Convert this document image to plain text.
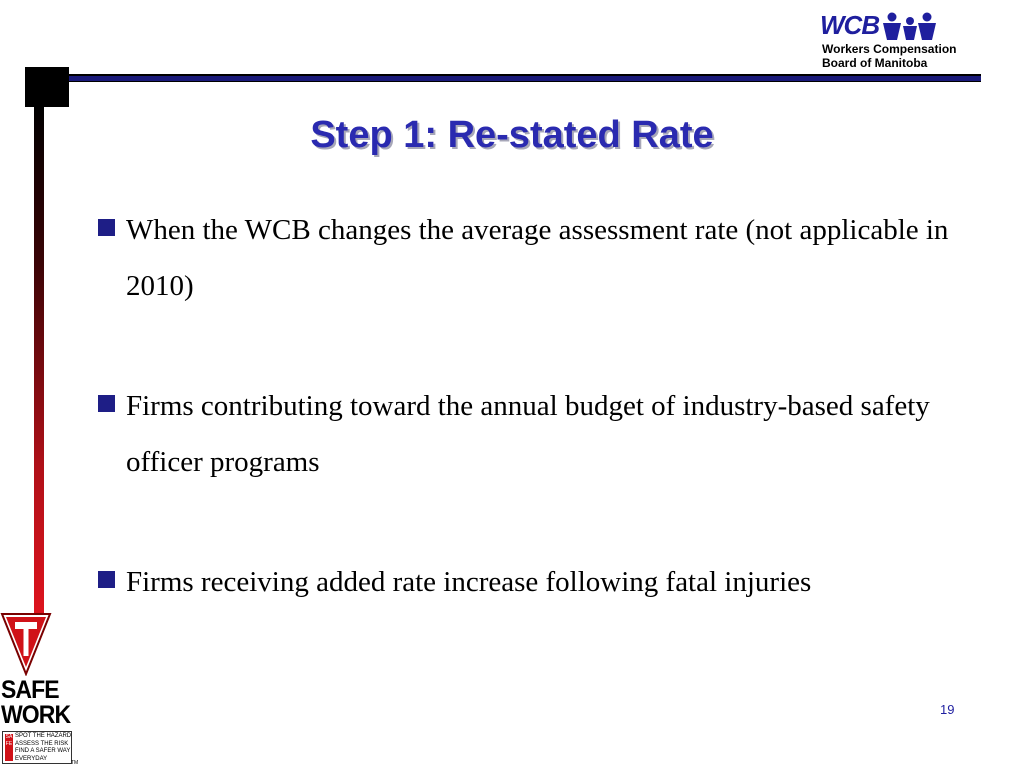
WCB
Workers Compensation
Board of Manitoba
Step 1: Re-stated Rate
When the WCB changes the average assessment rate (not applicable in 2010)
Firms contributing toward the annual budget of industry-based safety officer programs
Firms receiving added rate increase following fatal injuries
19
SAFE
WORK
SAFE
SPOT THE HAZARD
ASSESS THE RISK
FIND A SAFER WAY
EVERYDAY
TM
